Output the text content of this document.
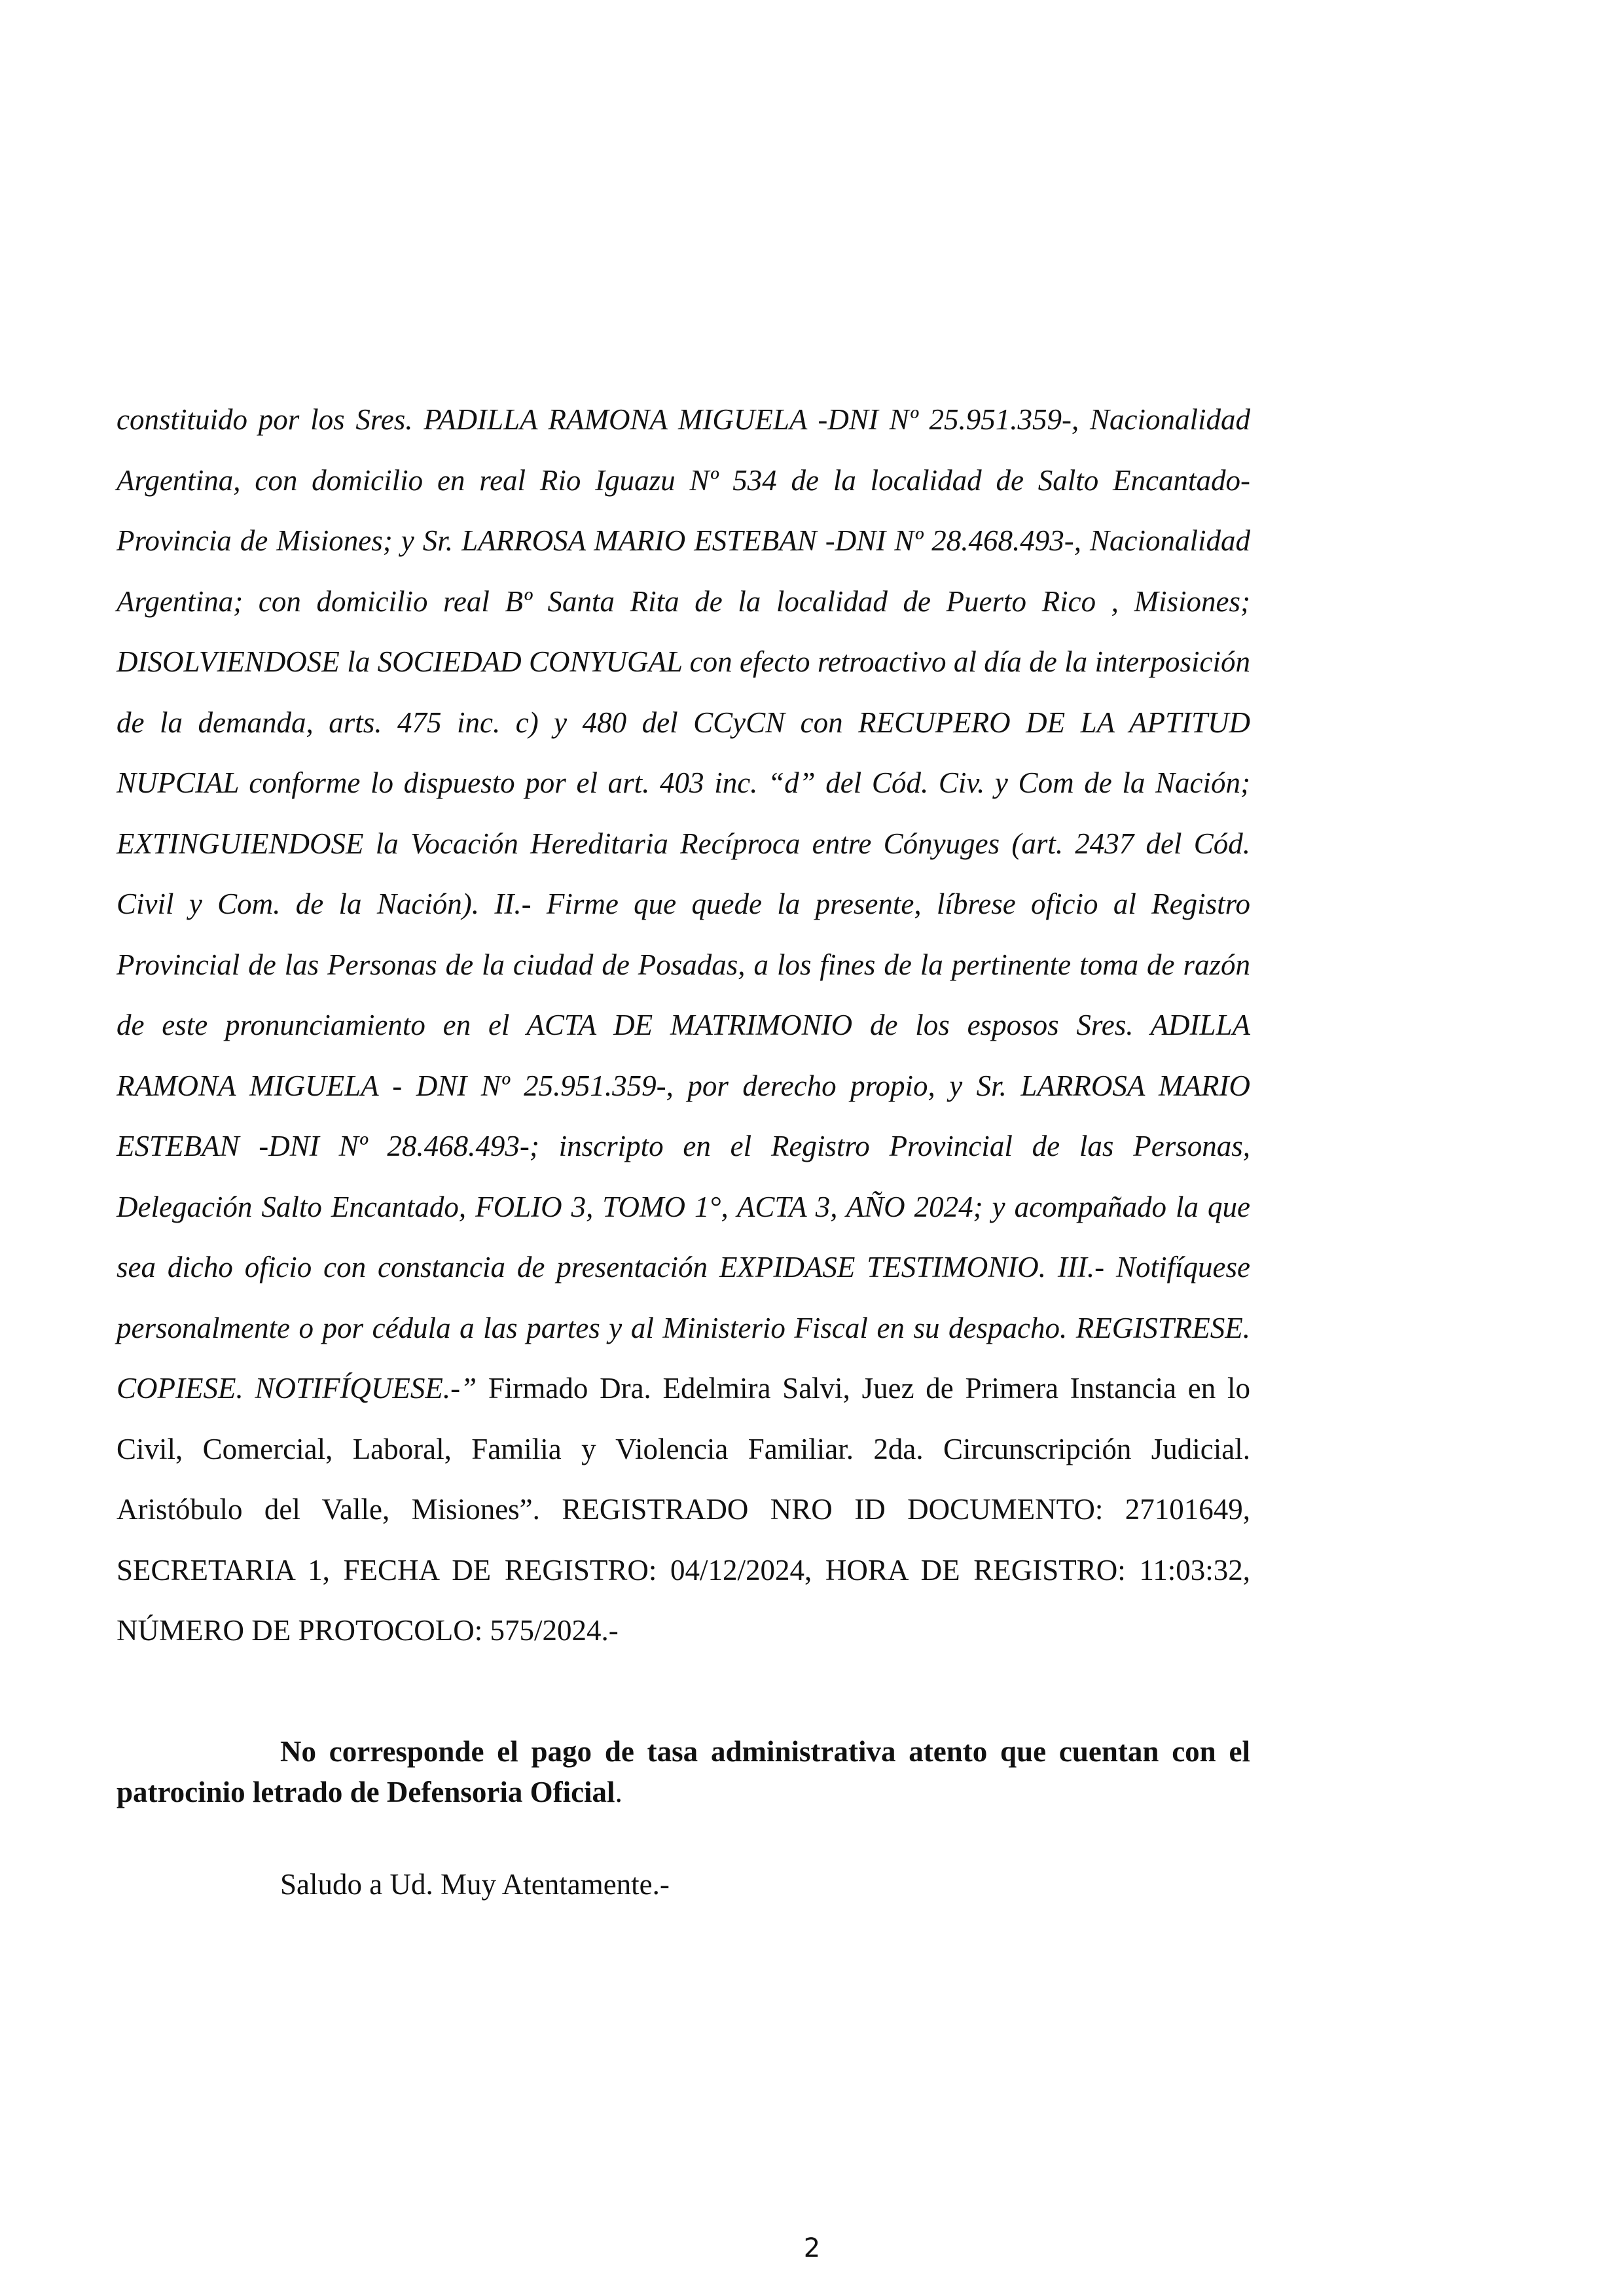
constituido por los Sres. PADILLA RAMONA MIGUELA -DNI Nº 25.951.359-, Nacionalidad Argentina, con domicilio en real Rio Iguazu Nº 534 de la localidad de Salto Encantado- Provincia de Misiones; y Sr. LARROSA MARIO ESTEBAN -DNI Nº 28.468.493-, Nacionalidad Argentina; con domicilio real Bº Santa Rita de la localidad de Puerto Rico , Misiones; DISOLVIENDOSE la SOCIEDAD CONYUGAL con efecto retroactivo al día de la interposición de la demanda, arts. 475 inc. c) y 480 del CCyCN con RECUPERO DE LA APTITUD NUPCIAL conforme lo dispuesto por el art. 403 inc. “d” del Cód. Civ. y Com de la Nación; EXTINGUIENDOSE la Vocación Hereditaria Recíproca entre Cónyuges (art. 2437 del Cód. Civil y Com. de la Nación). II.- Firme que quede la presente, líbrese oficio al Registro Provincial de las Personas de la ciudad de Posadas, a los fines de la pertinente toma de razón de este pronunciamiento en el ACTA DE MATRIMONIO de los esposos Sres. ADILLA RAMONA MIGUELA - DNI Nº 25.951.359-, por derecho propio, y Sr. LARROSA MARIO ESTEBAN -DNI Nº 28.468.493-; inscripto en el Registro Provincial de las Personas, Delegación Salto Encantado, FOLIO 3, TOMO 1°, ACTA 3, AÑO 2024; y acompañado la que sea dicho oficio con constancia de presentación EXPIDASE TESTIMONIO. III.- Notifíquese personalmente o por cédula a las partes y al Ministerio Fiscal en su despacho. REGISTRESE. COPIESE. NOTIFÍQUESE.-” Firmado Dra. Edelmira Salvi, Juez de Primera Instancia en lo Civil, Comercial, Laboral, Familia y Violencia Familiar. 2da. Circunscripción Judicial. Aristóbulo del Valle, Misiones”. REGISTRADO NRO ID DOCUMENTO: 27101649, SECRETARIA 1, FECHA DE REGISTRO: 04/12/2024, HORA DE REGISTRO: 11:03:32, NÚMERO DE PROTOCOLO: 575/2024.-

No corresponde el pago de tasa administrativa atento que cuentan con el patrocinio letrado de Defensoria Oficial.

Saludo a Ud. Muy Atentamente.-
2
